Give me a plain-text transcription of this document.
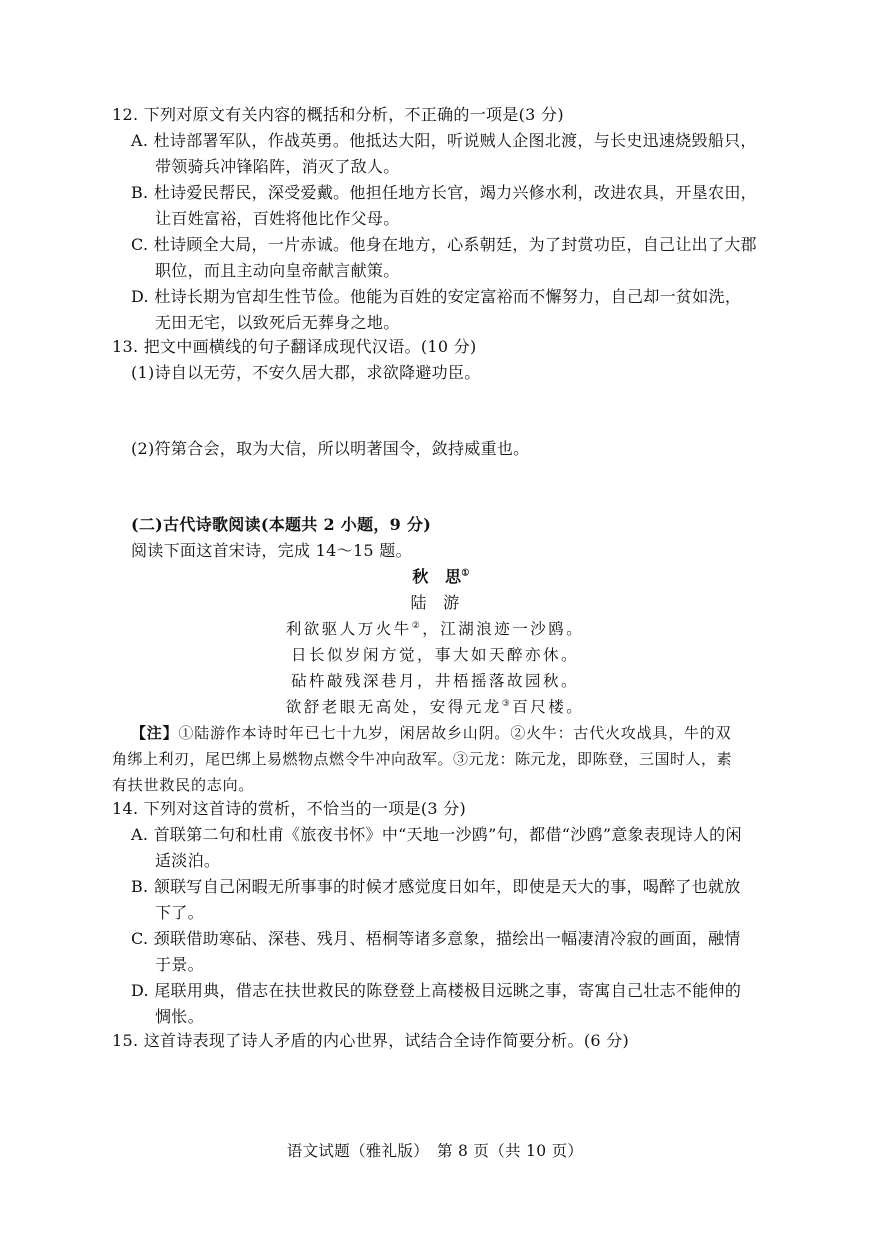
12. 下列对原文有关内容的概括和分析，不正确的一项是(3 分)
A. 杜诗部署军队，作战英勇。他抵达大阳，听说贼人企图北渡，与长史迅速烧毁船只，
带领骑兵冲锋陷阵，消灭了敌人。
B. 杜诗爱民帮民，深受爱戴。他担任地方长官，竭力兴修水利，改进农具，开垦农田，
让百姓富裕，百姓将他比作父母。
C. 杜诗顾全大局，一片赤诚。他身在地方，心系朝廷，为了封赏功臣，自己让出了大郡
职位，而且主动向皇帝献言献策。
D. 杜诗长期为官却生性节俭。他能为百姓的安定富裕而不懈努力，自己却一贫如洗，
无田无宅，以致死后无葬身之地。
13. 把文中画横线的句子翻译成现代汉语。(10 分)
(1)诗自以无劳，不安久居大郡，求欲降避功臣。
(2)符第合会，取为大信，所以明著国令，敛持威重也。
(二)古代诗歌阅读(本题共 2 小题，9 分)
阅读下面这首宋诗，完成 14～15 题。
秋　思①
陆　游
利欲驱人万火牛②，江湖浪迹一沙鸥。
日长似岁闲方觉，事大如天醉亦休。
砧杵敲残深巷月，井梧摇落故园秋。
欲舒老眼无高处，安得元龙③百尺楼。
【注】①陆游作本诗时年已七十九岁，闲居故乡山阴。②火牛：古代火攻战具，牛的双
角绑上利刃，尾巴绑上易燃物点燃令牛冲向敌军。③元龙：陈元龙，即陈登，三国时人，素
有扶世救民的志向。
14. 下列对这首诗的赏析，不恰当的一项是(3 分)
A. 首联第二句和杜甫《旅夜书怀》中“天地一沙鸥”句，都借“沙鸥”意象表现诗人的闲
适淡泊。
B. 颔联写自己闲暇无所事事的时候才感觉度日如年，即使是天大的事，喝醉了也就放
下了。
C. 颈联借助寒砧、深巷、残月、梧桐等诸多意象，描绘出一幅凄清冷寂的画面，融情
于景。
D. 尾联用典，借志在扶世救民的陈登登上高楼极目远眺之事，寄寓自己壮志不能伸的
惆怅。
15. 这首诗表现了诗人矛盾的内心世界，试结合全诗作简要分析。(6 分)
语文试题（雅礼版）　第 8 页（共 10 页）
